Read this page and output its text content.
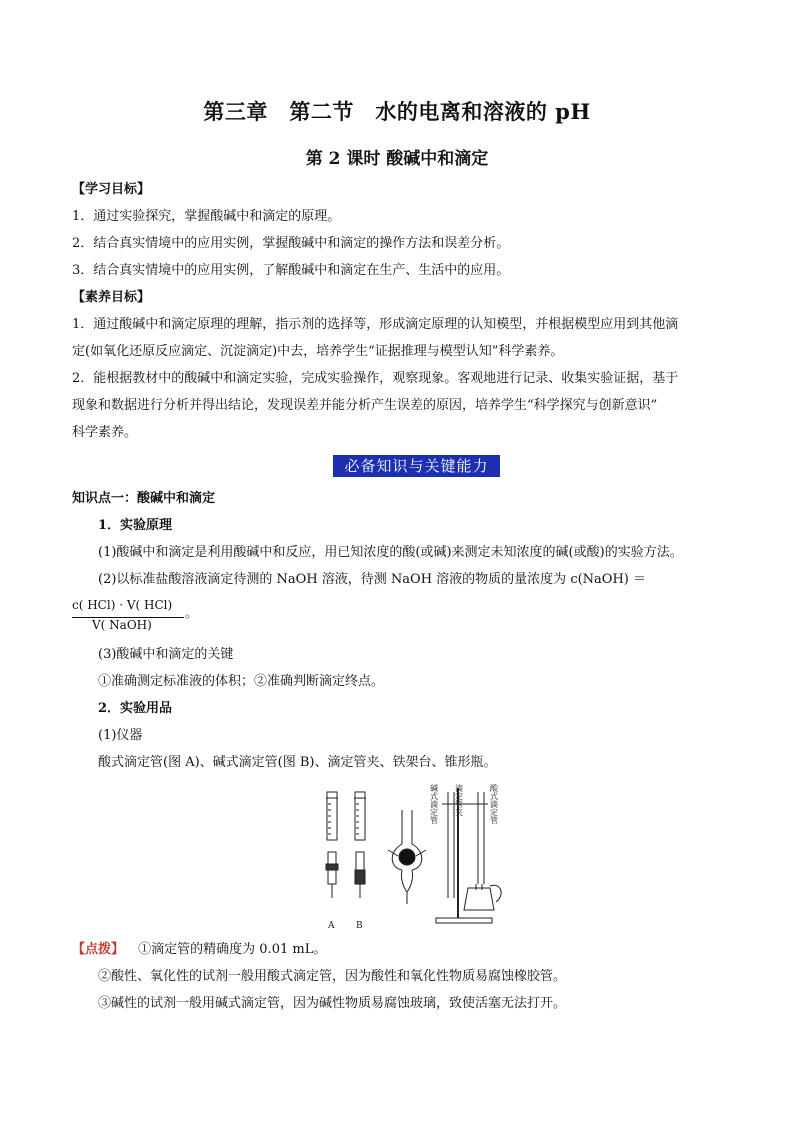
第三章　第二节　水的电离和溶液的 pH
第 2 课时 酸碱中和滴定
【学习目标】
1．通过实验探究，掌握酸碱中和滴定的原理。
2．结合真实情境中的应用实例，掌握酸碱中和滴定的操作方法和误差分析。
3．结合真实情境中的应用实例，了解酸碱中和滴定在生产、生活中的应用。
【素养目标】
1．通过酸碱中和滴定原理的理解，指示剂的选择等，形成滴定原理的认知模型，并根据模型应用到其他滴
定(如氧化还原反应滴定、沉淀滴定)中去，培养学生“证据推理与模型认知”科学素养。
2．能根据教材中的酸碱中和滴定实验，完成实验操作，观察现象。客观地进行记录、收集实验证据，基于
现象和数据进行分析并得出结论，发现误差并能分析产生误差的原因，培养学生“科学探究与创新意识”
科学素养。
必备知识与关键能力
知识点一：酸碱中和滴定
1．实验原理
(1)酸碱中和滴定是利用酸碱中和反应，用已知浓度的酸(或碱)来测定未知浓度的碱(或酸)的实验方法。
(2)以标准盐酸溶液滴定待测的 NaOH 溶液，待测 NaOH 溶液的物质的量浓度为 c(NaOH) ＝
c( HCl) · V( HCl)
V( NaOH)
。
(3)酸碱中和滴定的关键
①准确测定标准液的体积；②准确判断滴定终点。
2．实验用品
(1)仪器
酸式滴定管(图 A)、碱式滴定管(图 B)、滴定管夹、铁架台、锥形瓶。
A B
碱式滴定管 滴定管夹	酸式滴定管
【点拨】 ①滴定管的精确度为 0.01 mL。
②酸性、氧化性的试剂一般用酸式滴定管，因为酸性和氧化性物质易腐蚀橡胶管。
③碱性的试剂一般用碱式滴定管，因为碱性物质易腐蚀玻璃，致使活塞无法打开。
